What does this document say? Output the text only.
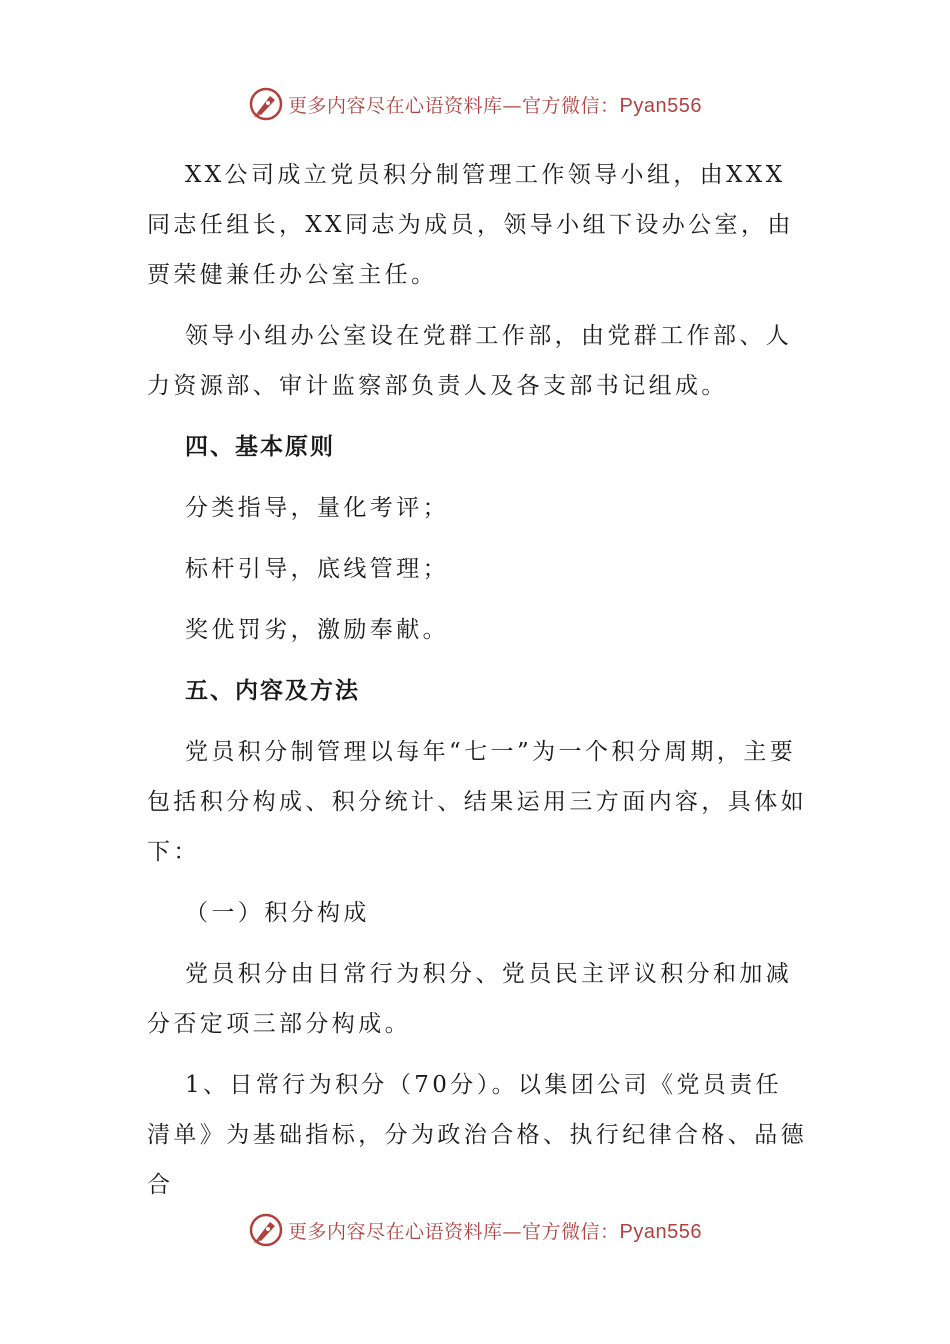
更多内容尽在心语资料库—官方微信：Pyan556

XX公司成立党员积分制管理工作领导小组，由XXX同志任组长，XX同志为成员，领导小组下设办公室，由贾荣健兼任办公室主任。

领导小组办公室设在党群工作部，由党群工作部、人力资源部、审计监察部负责人及各支部书记组成。

四、基本原则

分类指导，量化考评；

标杆引导，底线管理；

奖优罚劣，激励奉献。

五、内容及方法

党员积分制管理以每年“七一”为一个积分周期，主要包括积分构成、积分统计、结果运用三方面内容，具体如下：

（一）积分构成

党员积分由日常行为积分、党员民主评议积分和加减分否定项三部分构成。

1、日常行为积分（70分）。以集团公司《党员责任清单》为基础指标，分为政治合格、执行纪律合格、品德合

更多内容尽在心语资料库—官方微信：Pyan556
